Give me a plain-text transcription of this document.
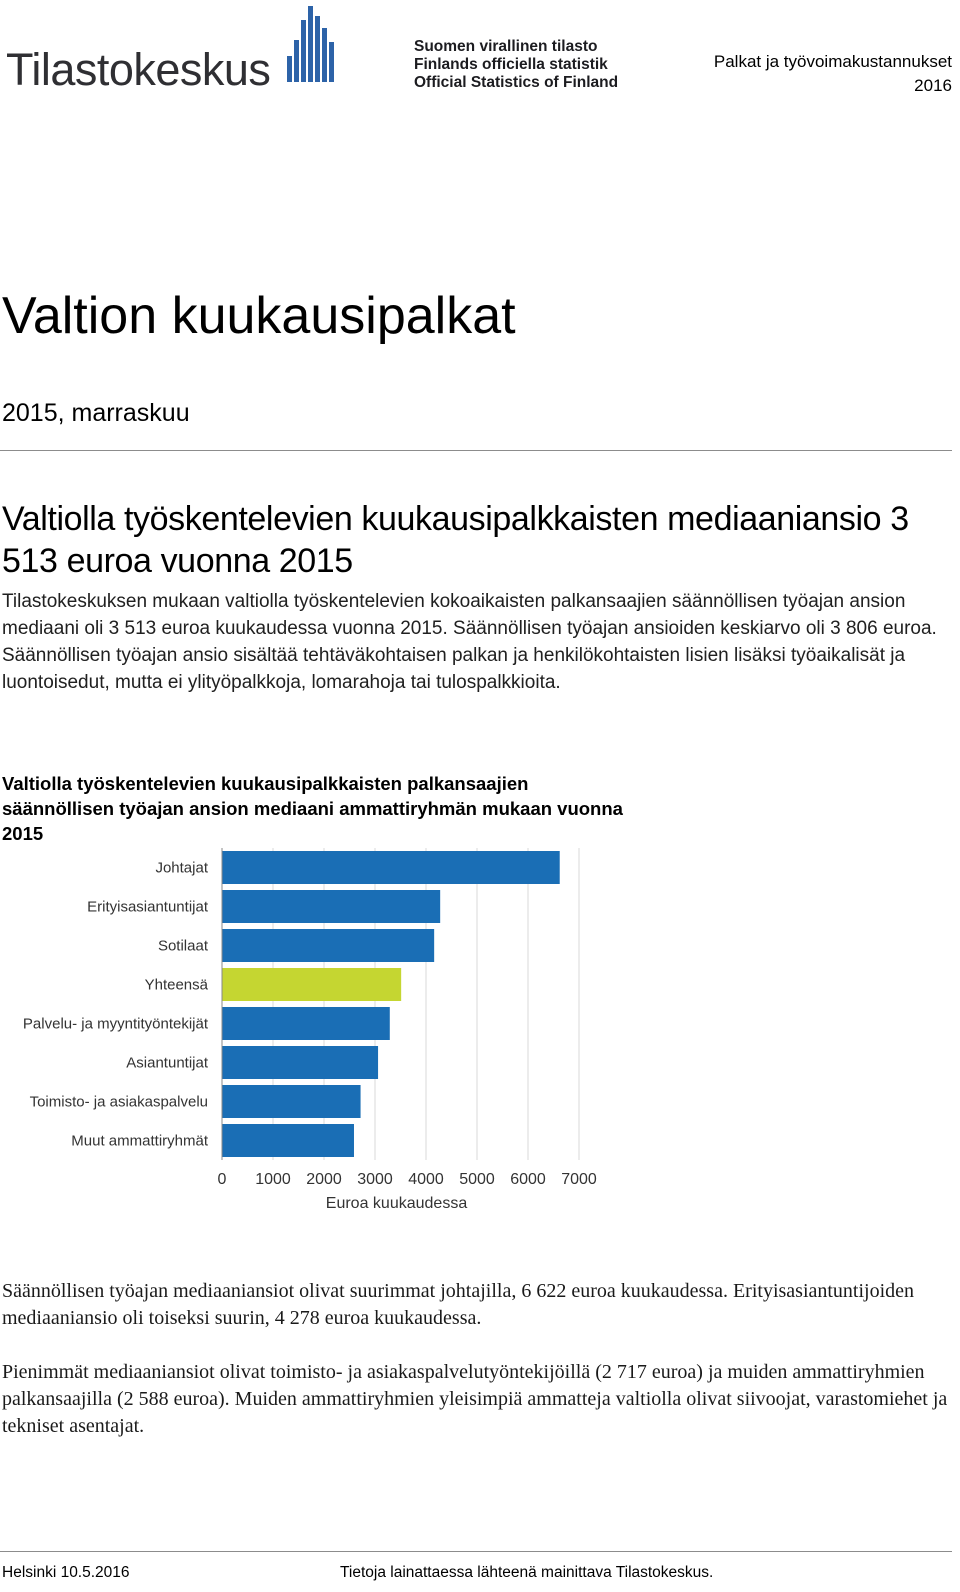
Tilastokeskus	Suomen virallinen tilasto
Finlands officiella statistik
Official Statistics of Finland
Palkat ja työvoimakustannukset
2016
Valtion kuukausipalkat
2015, marraskuu
Valtiolla työskentelevien kuukausipalkkaisten mediaaniansio 3 513 euroa vuonna 2015

Tilastokeskuksen mukaan valtiolla työskentelevien kokoaikaisten palkansaajien säännöllisen työajan ansion mediaani oli 3 513 euroa kuukaudessa vuonna 2015. Säännöllisen työajan ansioiden keskiarvo oli 3 806 euroa. Säännöllisen työajan ansio sisältää tehtäväkohtaisen palkan ja henkilökohtaisten lisien lisäksi työaikalisät ja luontoisedut, mutta ei ylityöpalkkoja, lomarahoja tai tulospalkkioita.

Valtiolla työskentelevien kuukausipalkkaisten palkansaajien säännöllisen työajan ansion mediaani ammattiryhmän mukaan vuonna 2015
Johtajat
Erityisasiantuntijat
Sotilaat
Yhteensä
Palvelu- ja myyntityöntekijät
Asiantuntijat
Toimisto- ja asiakaspalvelu
Muut ammattiryhmät
0 1000 2000 3000 4000 5000 6000 7000
Euroa kuukaudessa

Säännöllisen työajan mediaaniansiot olivat suurimmat johtajilla, 6 622 euroa kuukaudessa. Erityisasiantuntijoiden mediaaniansio oli toiseksi suurin, 4 278 euroa kuukaudessa.

Pienimmät mediaaniansiot olivat toimisto- ja asiakaspalvelutyöntekijöillä (2 717 euroa) ja muiden ammattiryhmien palkansaajilla (2 588 euroa). Muiden ammattiryhmien yleisimpiä ammatteja valtiolla olivat siivoojat, varastomiehet ja tekniset asentajat.

Helsinki 10.5.2016	Tietoja lainattaessa lähteenä mainittava Tilastokeskus.
